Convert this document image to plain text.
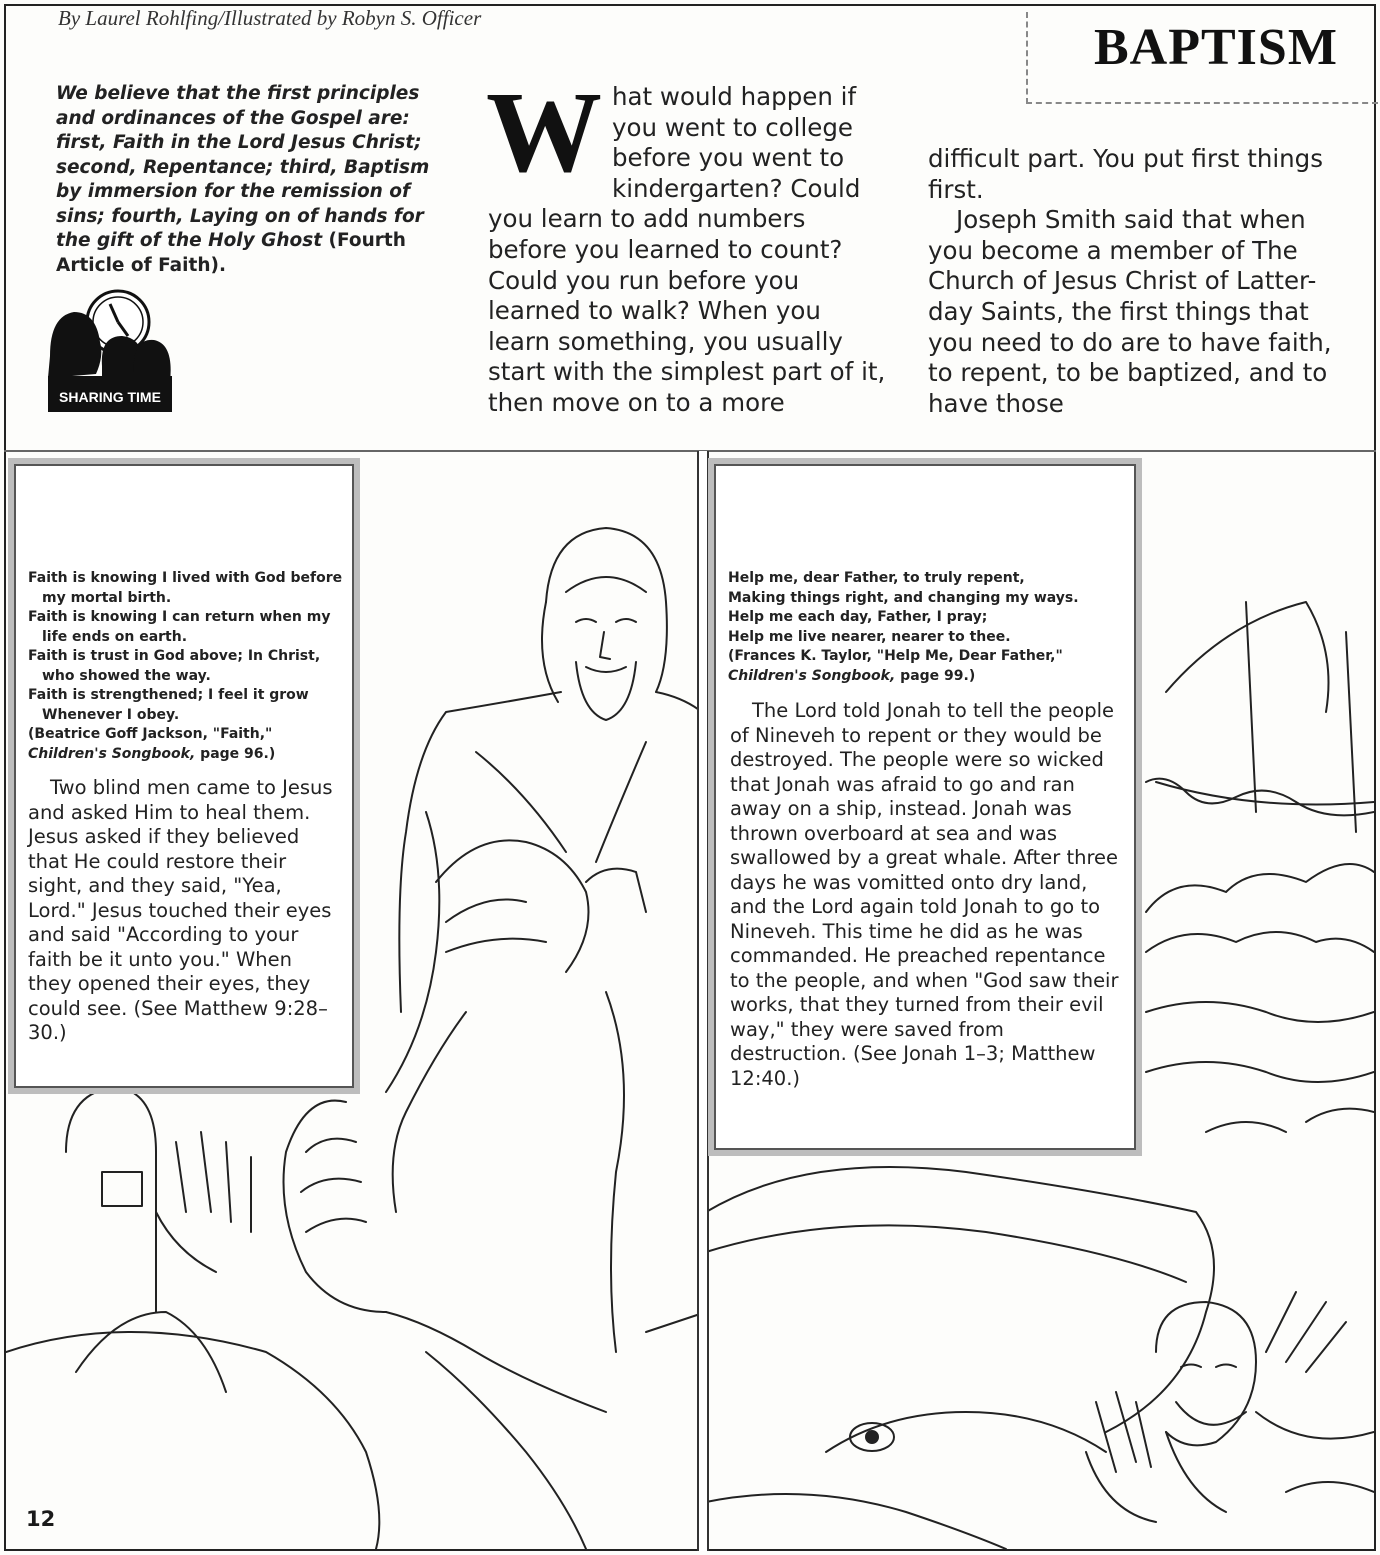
By Laurel Rohlfing/Illustrated by Robyn S. Officer
BAPTISM
We believe that the first principles and ordinances of the Gospel are: first, Faith in the Lord Jesus Christ; second, Repentance; third, Baptism by immersion for the remission of sins; fourth, Laying on of hands for the gift of the Holy Ghost (Fourth Article of Faith).
SHARING TIME
W hat would happen if you went to college before you went to kindergarten? Could you learn to add numbers before you learned to count? Could you run before you learned to walk? When you learn something, you usually start with the simplest part of it, then move on to a more

difficult part. You put first things first.

Joseph Smith said that when you become a member of The Church of Jesus Christ of Latter-day Saints, the first things that you need to do are to have faith, to repent, to be baptized, and to have those

Faith is knowing I lived with God before my mortal birth.
Faith is knowing I can return when my life ends on earth.
Faith is trust in God above; In Christ, who showed the way.
Faith is strengthened; I feel it grow Whenever I obey.
(Beatrice Goff Jackson, "Faith,"
Children's Songbook, page 96.)

Two blind men came to Jesus and asked Him to heal them. Jesus asked if they believed that He could restore their sight, and they said, "Yea, Lord." Jesus touched their eyes and said "According to your faith be it unto you." When they opened their eyes, they could see. (See Matthew 9:28–30.)

Help me, dear Father, to truly repent,
Making things right, and changing my ways.
Help me each day, Father, I pray;
Help me live nearer, nearer to thee.
(Frances K. Taylor, "Help Me, Dear Father,"
Children's Songbook, page 99.)

The Lord told Jonah to tell the people of Nineveh to repent or they would be destroyed. The people were so wicked that Jonah was afraid to go and ran away on a ship, instead. Jonah was thrown overboard at sea and was swallowed by a great whale. After three days he was vomitted onto dry land, and the Lord again told Jonah to go to Nineveh. This time he did as he was commanded. He preached repentance to the people, and when "God saw their works, that they turned from their evil way," they were saved from destruction. (See Jonah 1–3; Matthew 12:40.)

12
